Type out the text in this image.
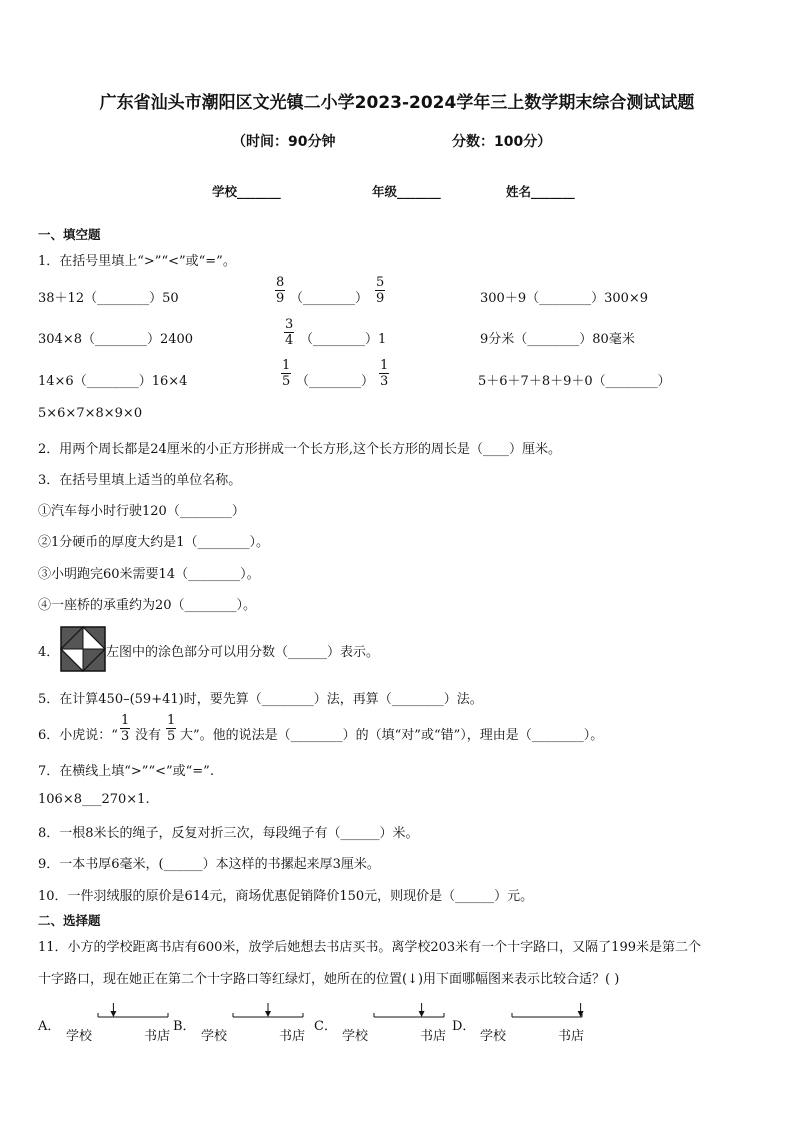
广东省汕头市潮阳区文光镇二小学2023-2024学年三上数学期末综合测试试题
（时间：90分钟	分数：100分）
学校_______	年级_______	姓名_______
一、填空题
1．在括号里填上“>”“<”或“=”。
38＋12（________）50	$\frac{8}{9}$ （________） $\frac{5}{9}$	300＋9（________）300×9
304×8（________）2400	$\frac{3}{4}$ （________）1	9分米（________）80毫米
14×6（________）16×4	$\frac{1}{5}$ （________） $\frac{1}{3}$	5＋6＋7＋8＋9＋0（________）
5×6×7×8×9×0
2．用两个周长都是24厘米的小正方形拼成一个长方形,这个长方形的周长是（____）厘米。
3．在括号里填上适当的单位名称。
①汽车每小时行驶120（________）
②1分硬币的厚度大约是1（________）。
③小明跑完60米需要14（________）。
④一座桥的承重约为20（________）。
4．	左图中的涂色部分可以用分数（______）表示。
5．在计算450–(59+41)时，要先算（________）法，再算（________）法。
6．小虎说：“ $\frac{1}{3}$ 没有 $\frac{1}{5}$ 大”。他的说法是（________）的（填“对”或“错”），理由是（________）。
7．在横线上填“>”“<”或“=”.
106×8___270×1.
8．一根8米长的绳子，反复对折三次，每段绳子有（______）米。
9．一本书厚6毫米，(______）本这样的书摞起来厚3厘米。
10．一件羽绒服的原价是614元，商场优惠促销降价150元，则现价是（______）元。
二、选择题
11．小方的学校距离书店有600米，放学后她想去书店买书。离学校203米有一个十字路口，又隔了199米是第二个
十字路口，现在她正在第二个十字路口等红绿灯，她所在的位置(↓)用下面哪幅图来表示比较合适？( )
A．
学校	书店
B．
学校	书店
C．
学校	书店
D．
学校	书店
